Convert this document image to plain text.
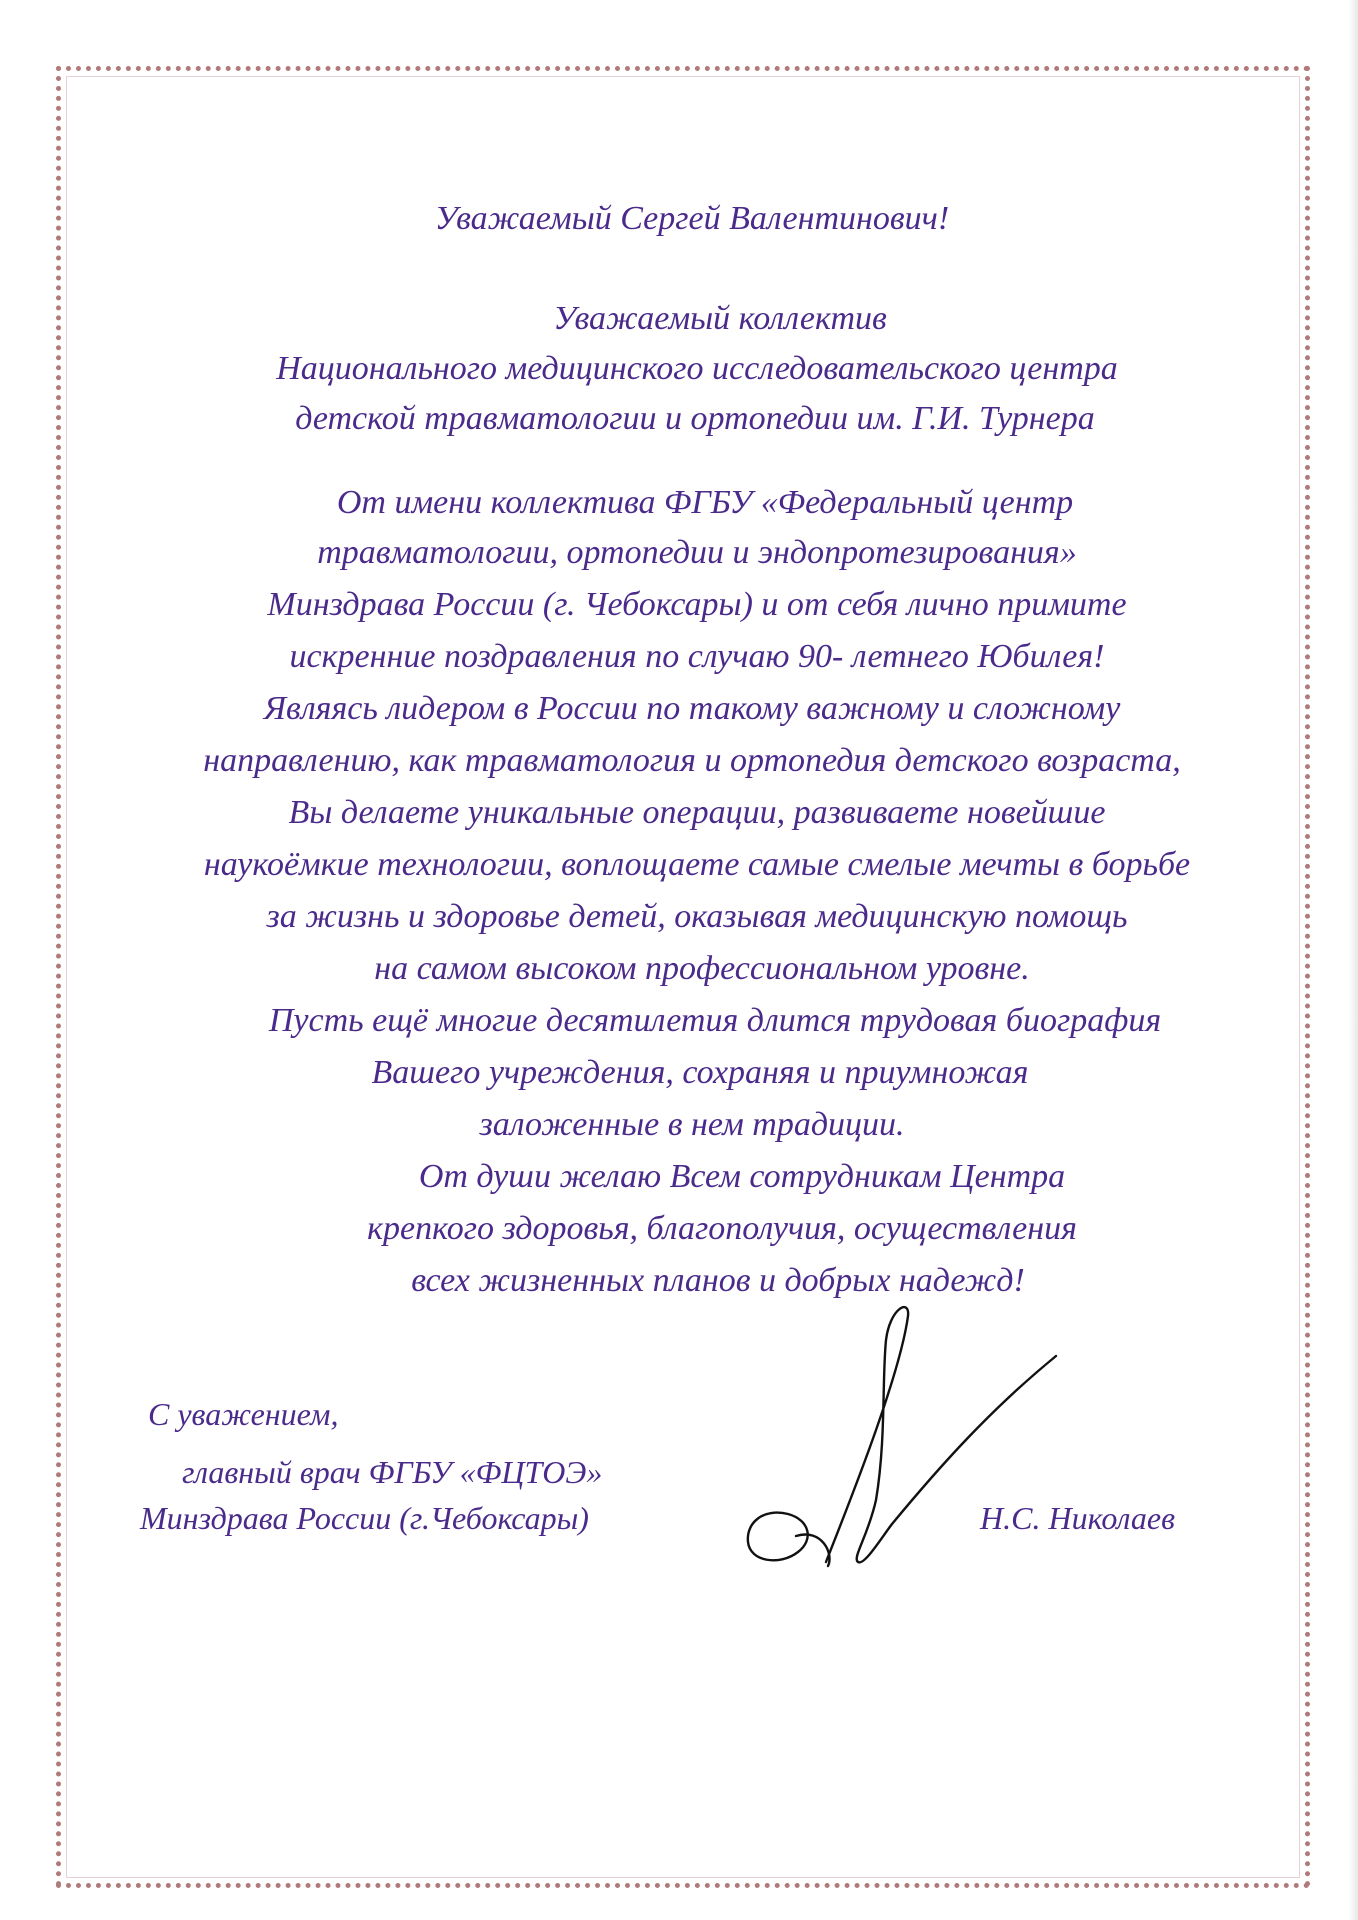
Уважаемый Сергей Валентинович!
Уважаемый коллектив
Национального медицинского исследовательского центра
детской травматологии и ортопедии им. Г.И. Турнера
От имени коллектива ФГБУ «Федеральный центр
травматологии, ортопедии и эндопротезирования»
Минздрава России (г. Чебоксары) и от себя лично примите
искренние поздравления по случаю 90- летнего Юбилея!
Являясь лидером в России по такому важному и сложному
направлению, как травматология и ортопедия детского возраста,
Вы делаете уникальные операции, развиваете новейшие
наукоёмкие технологии, воплощаете самые смелые мечты в борьбе
за жизнь и здоровье детей, оказывая медицинскую помощь
на самом высоком профессиональном уровне.
Пусть ещё многие десятилетия длится трудовая биография
Вашего учреждения, сохраняя и приумножая
заложенные в нем традиции.
От души желаю Всем сотрудникам Центра
крепкого здоровья, благополучия, осуществления
всех жизненных планов и добрых надежд!
С уважением,
главный врач ФГБУ «ФЦТОЭ»
Минздрава России (г.Чебоксары)	Н.С. Николаев
